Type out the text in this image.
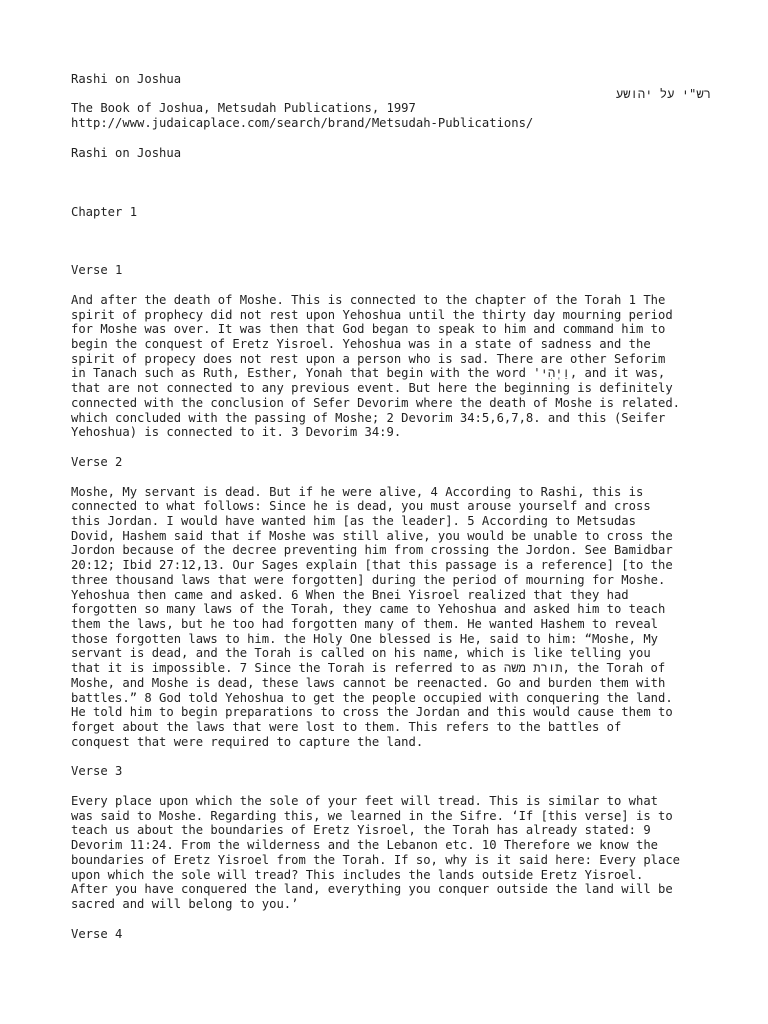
Rashi on Joshua
רש"י על יהושע
The Book of Joshua, Metsudah Publications, 1997
http://www.judaicaplace.com/search/brand/Metsudah-Publications/
Rashi on Joshua
Chapter 1
Verse 1
And after the death of Moshe. This is connected to the chapter of the Torah 1 The
spirit of prophecy did not rest upon Yehoshua until the thirty day mourning period
for Moshe was over. It was then that God began to speak to him and command him to
begin the conquest of Eretz Yisroel. Yehoshua was in a state of sadness and the
spirit of propecy does not rest upon a person who is sad. There are other Seforim
in Tanach such as Ruth, Esther, Yonah that begin with the word 'וַיְהִי, and it was,
that are not connected to any previous event. But here the beginning is definitely
connected with the conclusion of Sefer Devorim where the death of Moshe is related.
which concluded with the passing of Moshe; 2 Devorim 34:5,6,7,8. and this (Seifer
Yehoshua) is connected to it. 3 Devorim 34:9.
Verse 2
Moshe, My servant is dead. But if he were alive, 4 According to Rashi, this is
connected to what follows: Since he is dead, you must arouse yourself and cross
this Jordan. I would have wanted him [as the leader]. 5 According to Metsudas
Dovid, Hashem said that if Moshe was still alive, you would be unable to cross the
Jordon because of the decree preventing him from crossing the Jordon. See Bamidbar
20:12; Ibid 27:12,13. Our Sages explain [that this passage is a reference] [to the
three thousand laws that were forgotten] during the period of mourning for Moshe.
Yehoshua then came and asked. 6 When the Bnei Yisroel realized that they had
forgotten so many laws of the Torah, they came to Yehoshua and asked him to teach
them the laws, but he too had forgotten many of them. He wanted Hashem to reveal
those forgotten laws to him. the Holy One blessed is He, said to him: “Moshe, My
servant is dead, and the Torah is called on his name, which is like telling you
that it is impossible. 7 Since the Torah is referred to as תורת משה, the Torah of
Moshe, and Moshe is dead, these laws cannot be reenacted. Go and burden them with
battles.” 8 God told Yehoshua to get the people occupied with conquering the land.
He told him to begin preparations to cross the Jordan and this would cause them to
forget about the laws that were lost to them. This refers to the battles of
conquest that were required to capture the land.
Verse 3
Every place upon which the sole of your feet will tread. This is similar to what
was said to Moshe. Regarding this, we learned in the Sifre. ‘If [this verse] is to
teach us about the boundaries of Eretz Yisroel, the Torah has already stated: 9
Devorim 11:24. From the wilderness and the Lebanon etc. 10 Therefore we know the
boundaries of Eretz Yisroel from the Torah. If so, why is it said here: Every place
upon which the sole will tread? This includes the lands outside Eretz Yisroel.
After you have conquered the land, everything you conquer outside the land will be
sacred and will belong to you.’
Verse 4
